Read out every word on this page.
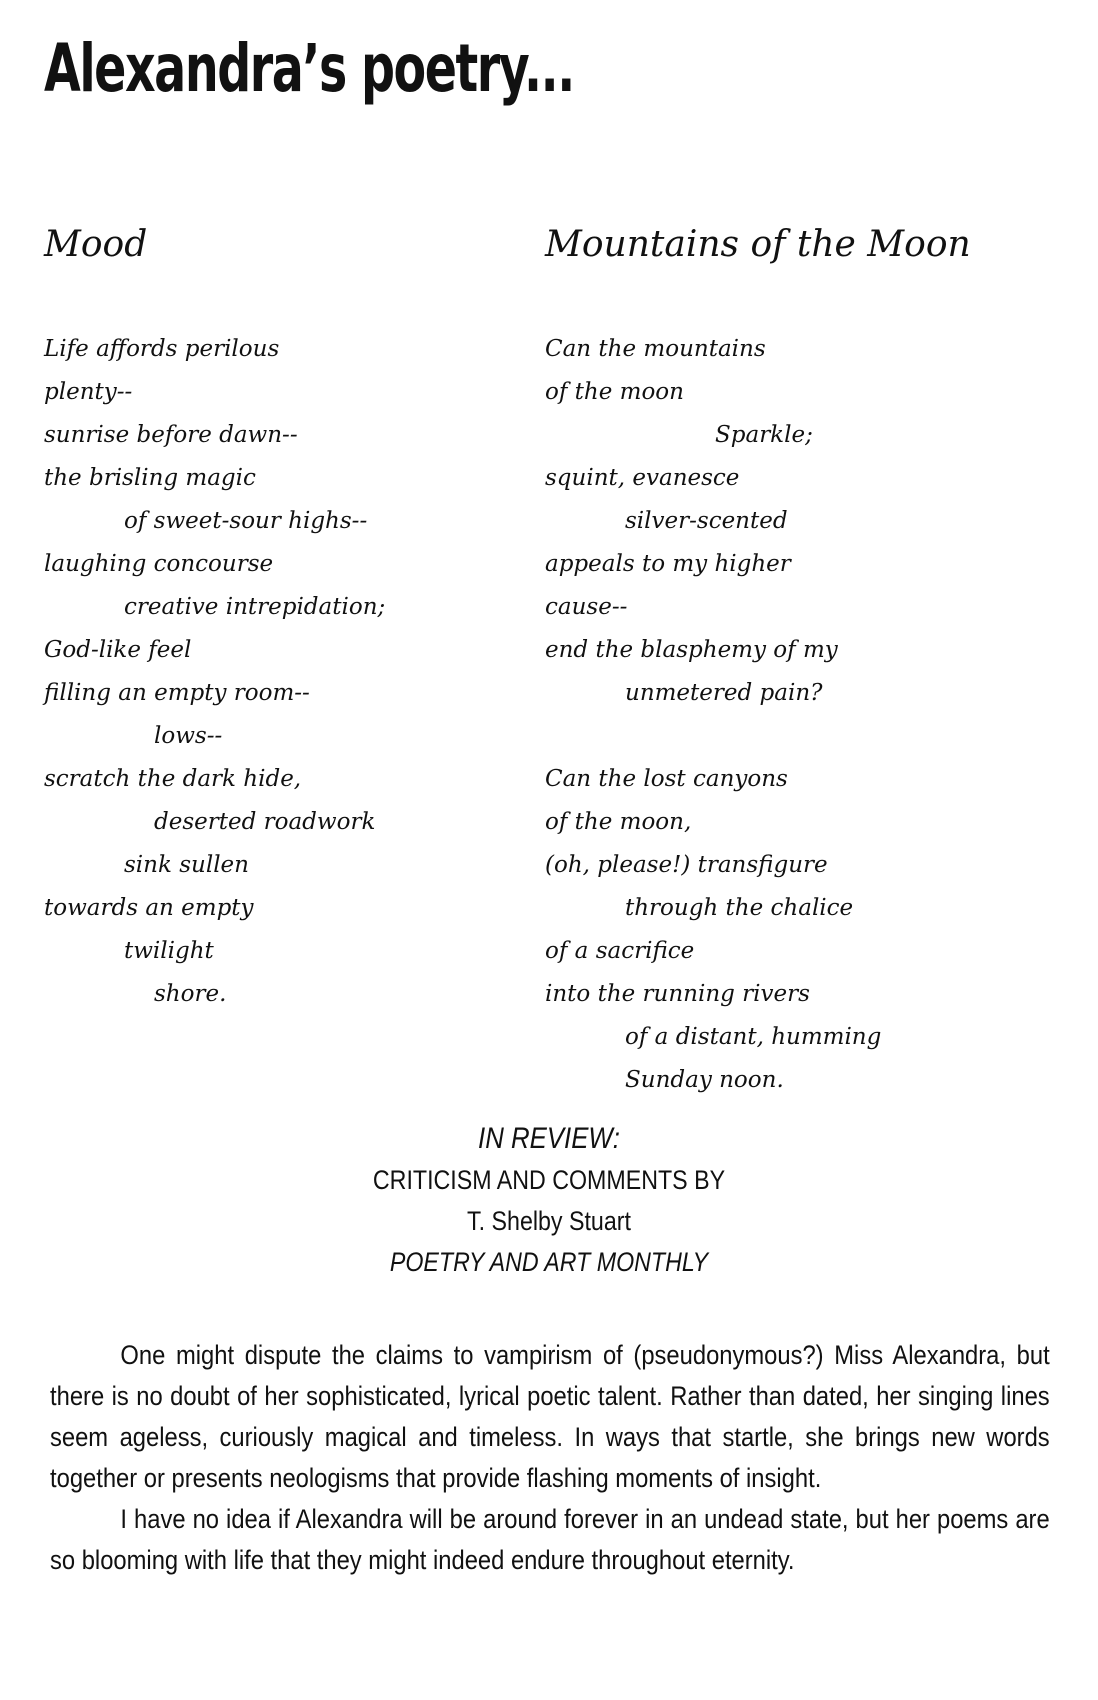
Alexandra’s poetry...
Mood
Life affords perilous
plenty--
sunrise before dawn--
the brisling magic
of sweet-sour highs--
laughing concourse
creative intrepidation;
God-like feel
filling an empty room--
lows--
scratch the dark hide,
deserted roadwork
sink sullen
towards an empty
twilight
shore.
Mountains of the Moon
Can the mountains
of the moon
Sparkle;
squint, evanesce
silver-scented
appeals to my higher
cause--
end the blasphemy of my
unmetered pain?
Can the lost canyons
of the moon,
(oh, please!) transfigure
through the chalice
of a sacrifice
into the running rivers
of a distant, humming
Sunday noon.
IN REVIEW:
CRITICISM AND COMMENTS BY
T. Shelby Stuart
POETRY AND ART MONTHLY

One might dispute the claims to vampirism of (pseudonymous?) Miss Alexandra, but there is no doubt of her sophisticated, lyrical poetic talent. Rather than dated, her singing lines seem ageless, curiously magical and timeless. In ways that startle, she brings new words together or presents neologisms that provide flashing moments of insight.

I have no idea if Alexandra will be around forever in an undead state, but her poems are so blooming with life that they might indeed endure throughout eternity.
